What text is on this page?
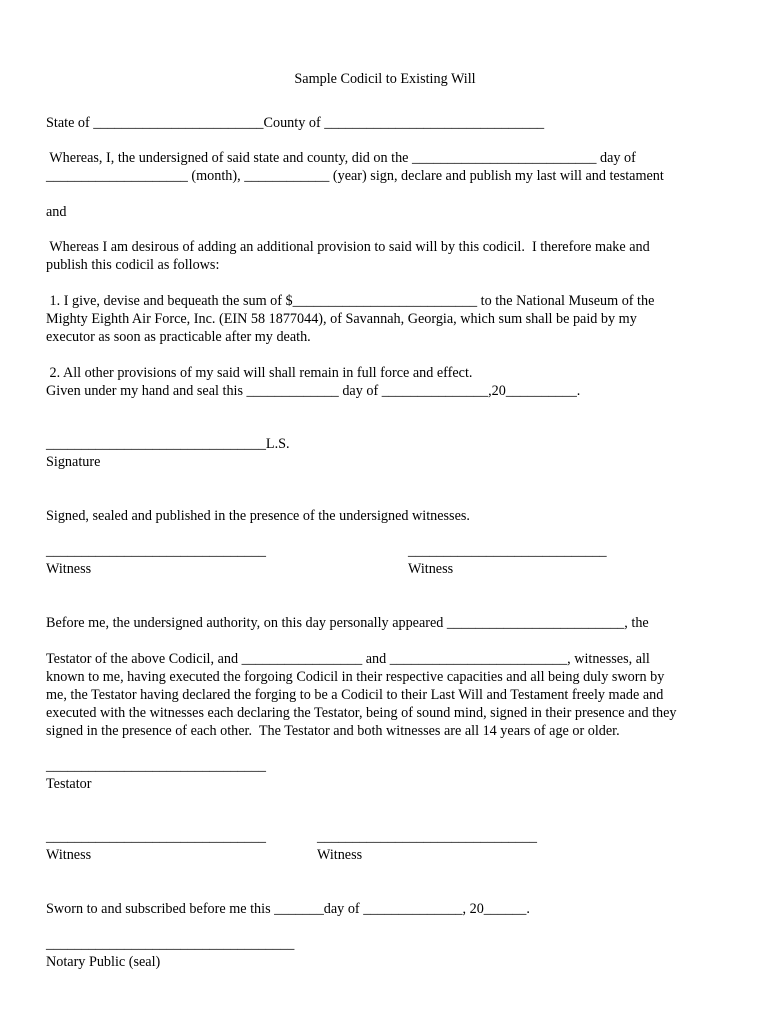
Sample Codicil to Existing Will

State of ________________________County of _______________________________

Whereas, I, the undersigned of said state and county, did on the __________________________ day of

____________________ (month), ____________ (year) sign, declare and publish my last will and testament

and

Whereas I am desirous of adding an additional provision to said will by this codicil.  I therefore make and

publish this codicil as follows:

1. I give, devise and bequeath the sum of $__________________________ to the National Museum of the

Mighty Eighth Air Force, Inc. (EIN 58 1877044), of Savannah, Georgia, which sum shall be paid by my

executor as soon as practicable after my death.

2. All other provisions of my said will shall remain in full force and effect.

Given under my hand and seal this _____________ day of _______________,20__________.

_______________________________L.S.

Signature

Signed, sealed and published in the presence of the undersigned witnesses.

_______________________________	____________________________

Witness	Witness

Before me, the undersigned authority, on this day personally appeared _________________________, the

Testator of the above Codicil, and _________________ and _________________________, witnesses, all

known to me, having executed the forgoing Codicil in their respective capacities and all being duly sworn by

me, the Testator having declared the forging to be a Codicil to their Last Will and Testament freely made and

executed with the witnesses each declaring the Testator, being of sound mind, signed in their presence and they

signed in the presence of each other.  The Testator and both witnesses are all 14 years of age or older.

_______________________________

Testator

_______________________________	_______________________________

Witness	Witness

Sworn to and subscribed before me this _______day of ______________, 20______.

___________________________________

Notary Public (seal)
